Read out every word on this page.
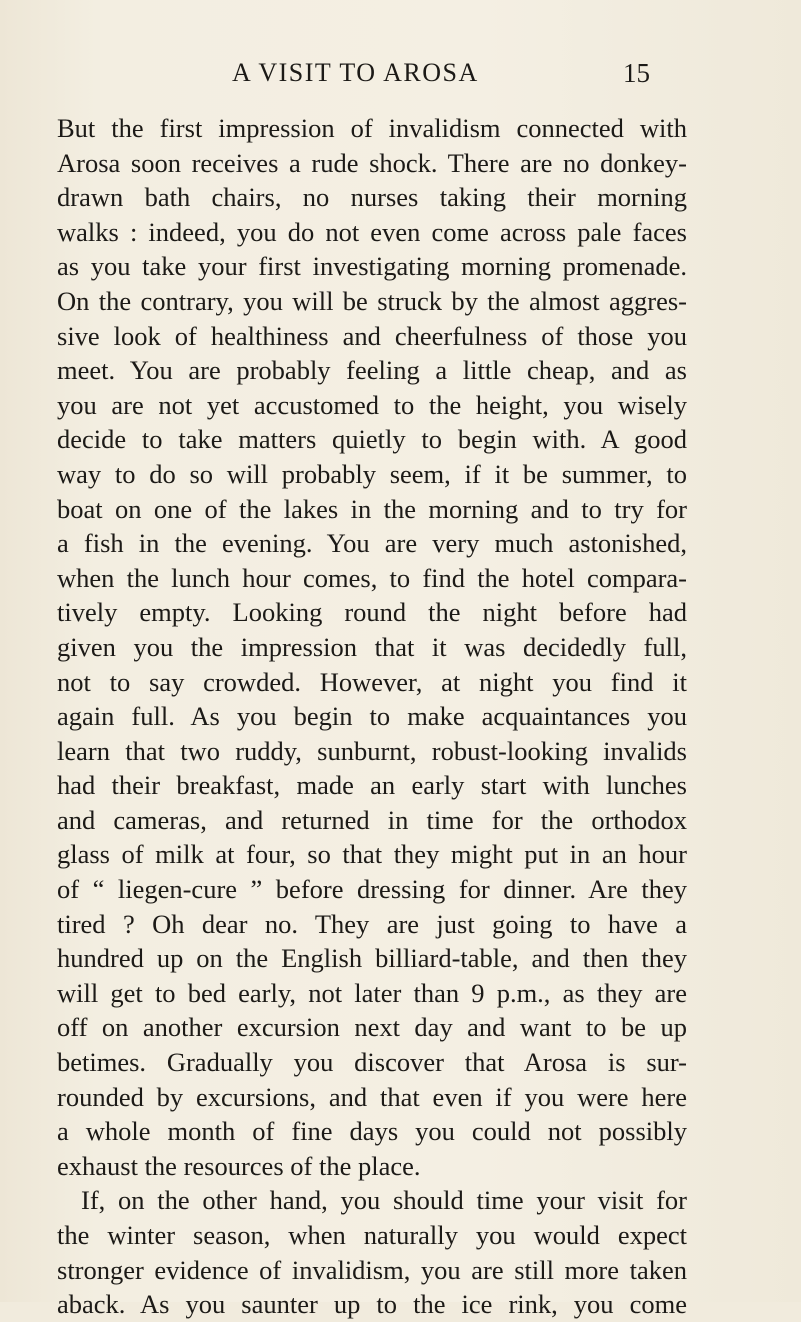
A VISIT TO AROSA	15
But the first impression of invalidism connected with
Arosa soon receives a rude shock. There are no donkey-
drawn bath chairs, no nurses taking their morning
walks : indeed, you do not even come across pale faces
as you take your first investigating morning promenade.
On the contrary, you will be struck by the almost aggres-
sive look of healthiness and cheerfulness of those you
meet. You are probably feeling a little cheap, and as
you are not yet accustomed to the height, you wisely
decide to take matters quietly to begin with. A good
way to do so will probably seem, if it be summer, to
boat on one of the lakes in the morning and to try for
a fish in the evening. You are very much astonished,
when the lunch hour comes, to find the hotel compara-
tively empty. Looking round the night before had
given you the impression that it was decidedly full,
not to say crowded. However, at night you find it
again full. As you begin to make acquaintances you
learn that two ruddy, sunburnt, robust-looking invalids
had their breakfast, made an early start with lunches
and cameras, and returned in time for the orthodox
glass of milk at four, so that they might put in an hour
of “ liegen-cure ” before dressing for dinner. Are they
tired ? Oh dear no. They are just going to have a
hundred up on the English billiard-table, and then they
will get to bed early, not later than 9 p.m., as they are
off on another excursion next day and want to be up
betimes. Gradually you discover that Arosa is sur-
rounded by excursions, and that even if you were here
a whole month of fine days you could not possibly
exhaust the resources of the place.
If, on the other hand, you should time your visit for
the winter season, when naturally you would expect
stronger evidence of invalidism, you are still more taken
aback. As you saunter up to the ice rink, you come
